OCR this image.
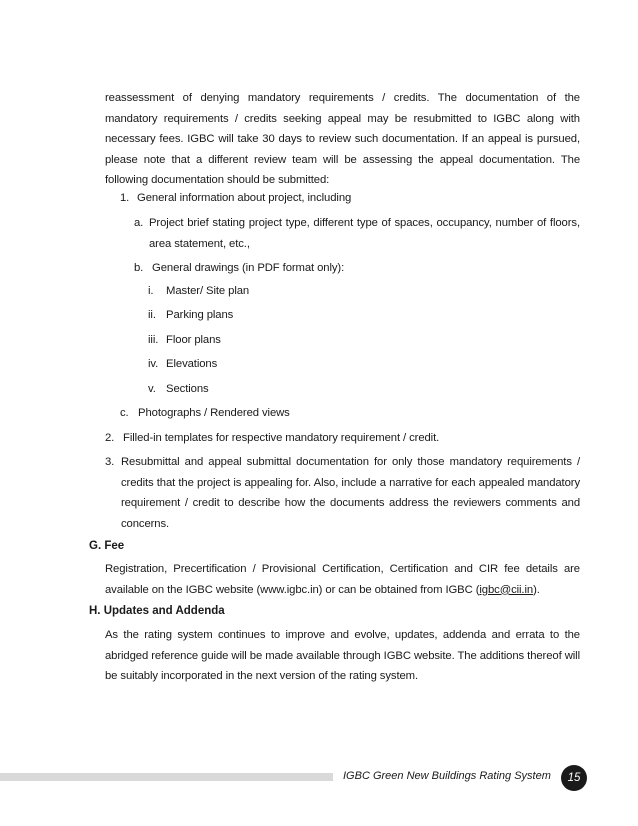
reassessment of denying mandatory requirements / credits. The documentation of the mandatory requirements / credits seeking appeal may be resubmitted to IGBC along with necessary fees. IGBC will take 30 days to review such documentation. If an appeal is pursued, please note that a different review team will be assessing the appeal documentation. The following documentation should be submitted:

1. General information about project, including
a. Project brief stating project type, different type of spaces, occupancy, number of floors, area statement, etc.,
b. General drawings (in PDF format only):
i. Master/ Site plan
ii. Parking plans
iii. Floor plans
iv. Elevations
v. Sections
c. Photographs / Rendered views
2. Filled-in templates for respective mandatory requirement / credit.
3. Resubmittal and appeal submittal documentation for only those mandatory requirements / credits that the project is appealing for. Also, include a narrative for each appealed mandatory requirement / credit to describe how the documents address the reviewers comments and concerns.
G. Fee

Registration, Precertification / Provisional Certification, Certification and CIR fee details are available on the IGBC website (www.igbc.in) or can be obtained from IGBC (igbc@cii.in).

H. Updates and Addenda

As the rating system continues to improve and evolve, updates, addenda and errata to the abridged reference guide will be made available through IGBC website. The additions thereof will be suitably incorporated in the next version of the rating system.

IGBC Green New Buildings Rating System	15
